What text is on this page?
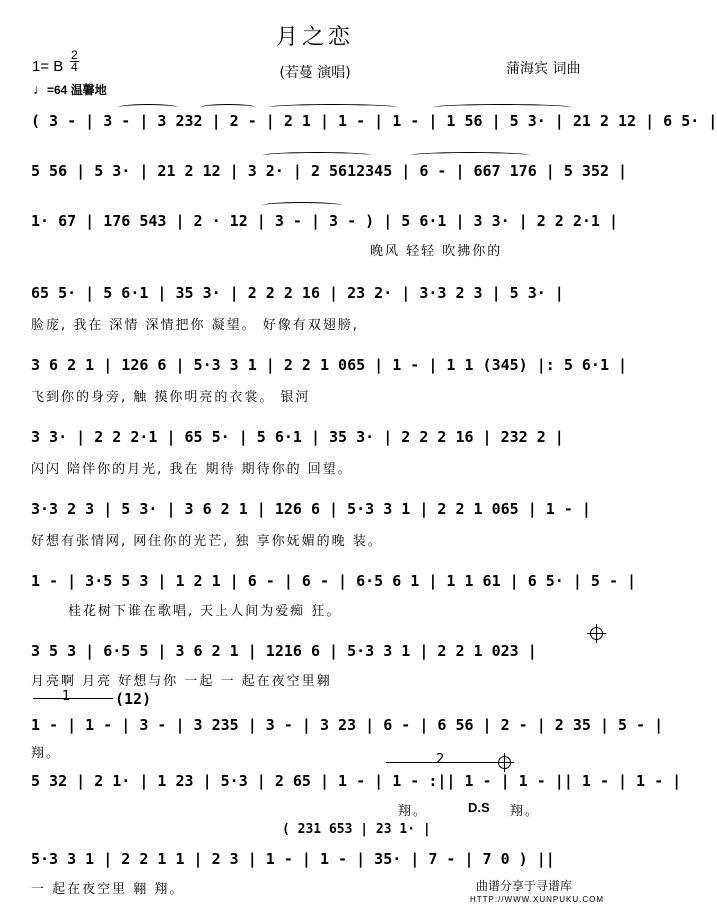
月之恋
(若蔓 演唱)
1= B
2
4
♩=64 温馨地
蒲海宾 词曲
( 3 - | 3 - | 3 232 | 2 - | 2 1 | 1 - | 1 - | 1 56 | 5 3· | 21 2 12 | 6 5· |
5 56 | 5 3· | 21 2 12 | 3 2· | 2 5612345 | 6 - | 667 176 | 5 352 |
1· 67 | 176 543 | 2 · 12 | 3 - | 3 - ) | 5 6·1 | 3 3· | 2 2 2·1 |
晚风 轻轻 吹拂你的
65 5· | 5 6·1 | 35 3· | 2 2 2 16 | 23 2· | 3·3 2 3 | 5 3· |
脸庞, 我在 深情 深情把你 凝望。 好像有双翅膀,
3 6 2 1 | 126 6 | 5·3 3 1 | 2 2 1 065 | 1 - | 1 1 (345) |: 5 6·1 |
飞到你的身旁, 触 摸你明亮的衣裳。 银河
3 3· | 2 2 2·1 | 65 5· | 5 6·1 | 35 3· | 2 2 2 16 | 232 2 |
闪闪 陪伴你的月光, 我在 期待 期待你的 回望。
3·3 2 3 | 5 3· | 3 6 2 1 | 126 6 | 5·3 3 1 | 2 2 1 065 | 1 - |
好想有张情网, 网住你的光芒, 独 享你妩媚的晚 装。
1 - | 3·5 5 3 | 1 2 1 | 6 - | 6 - | 6·5 6 1 | 1 1 61 | 6 5· | 5 - |
桂花树下谁在歌唱, 天上人间为爱痴 狂。
3 5 3 | 6·5 5 | 3 6 2 1 | 1216 6 | 5·3 3 1 | 2 2 1 023 |
月亮啊 月亮 好想与你 一起 一 起在夜空里翱
1	(12)
1 - | 1 - | 3 - | 3 235 | 3 - | 3 23 | 6 - | 6 56 | 2 - | 2 35 | 5 - |
翔。	2
5 32 | 2 1· | 1 23 | 5·3 | 2 65 | 1 - | 1 - :|| 1 - | 1 - || 1 - | 1 - |
翔。	D.S 翔。
( 231 653 | 23 1· |
5·3 3 1 | 2 2 1 1 | 2 3 | 1 - | 1 - | 35· | 7 - | 7 0 ) ||
一 起在夜空里 翱 翔。	曲谱分享于寻谱库
HTTP://WWW.XUNPUKU.COM
